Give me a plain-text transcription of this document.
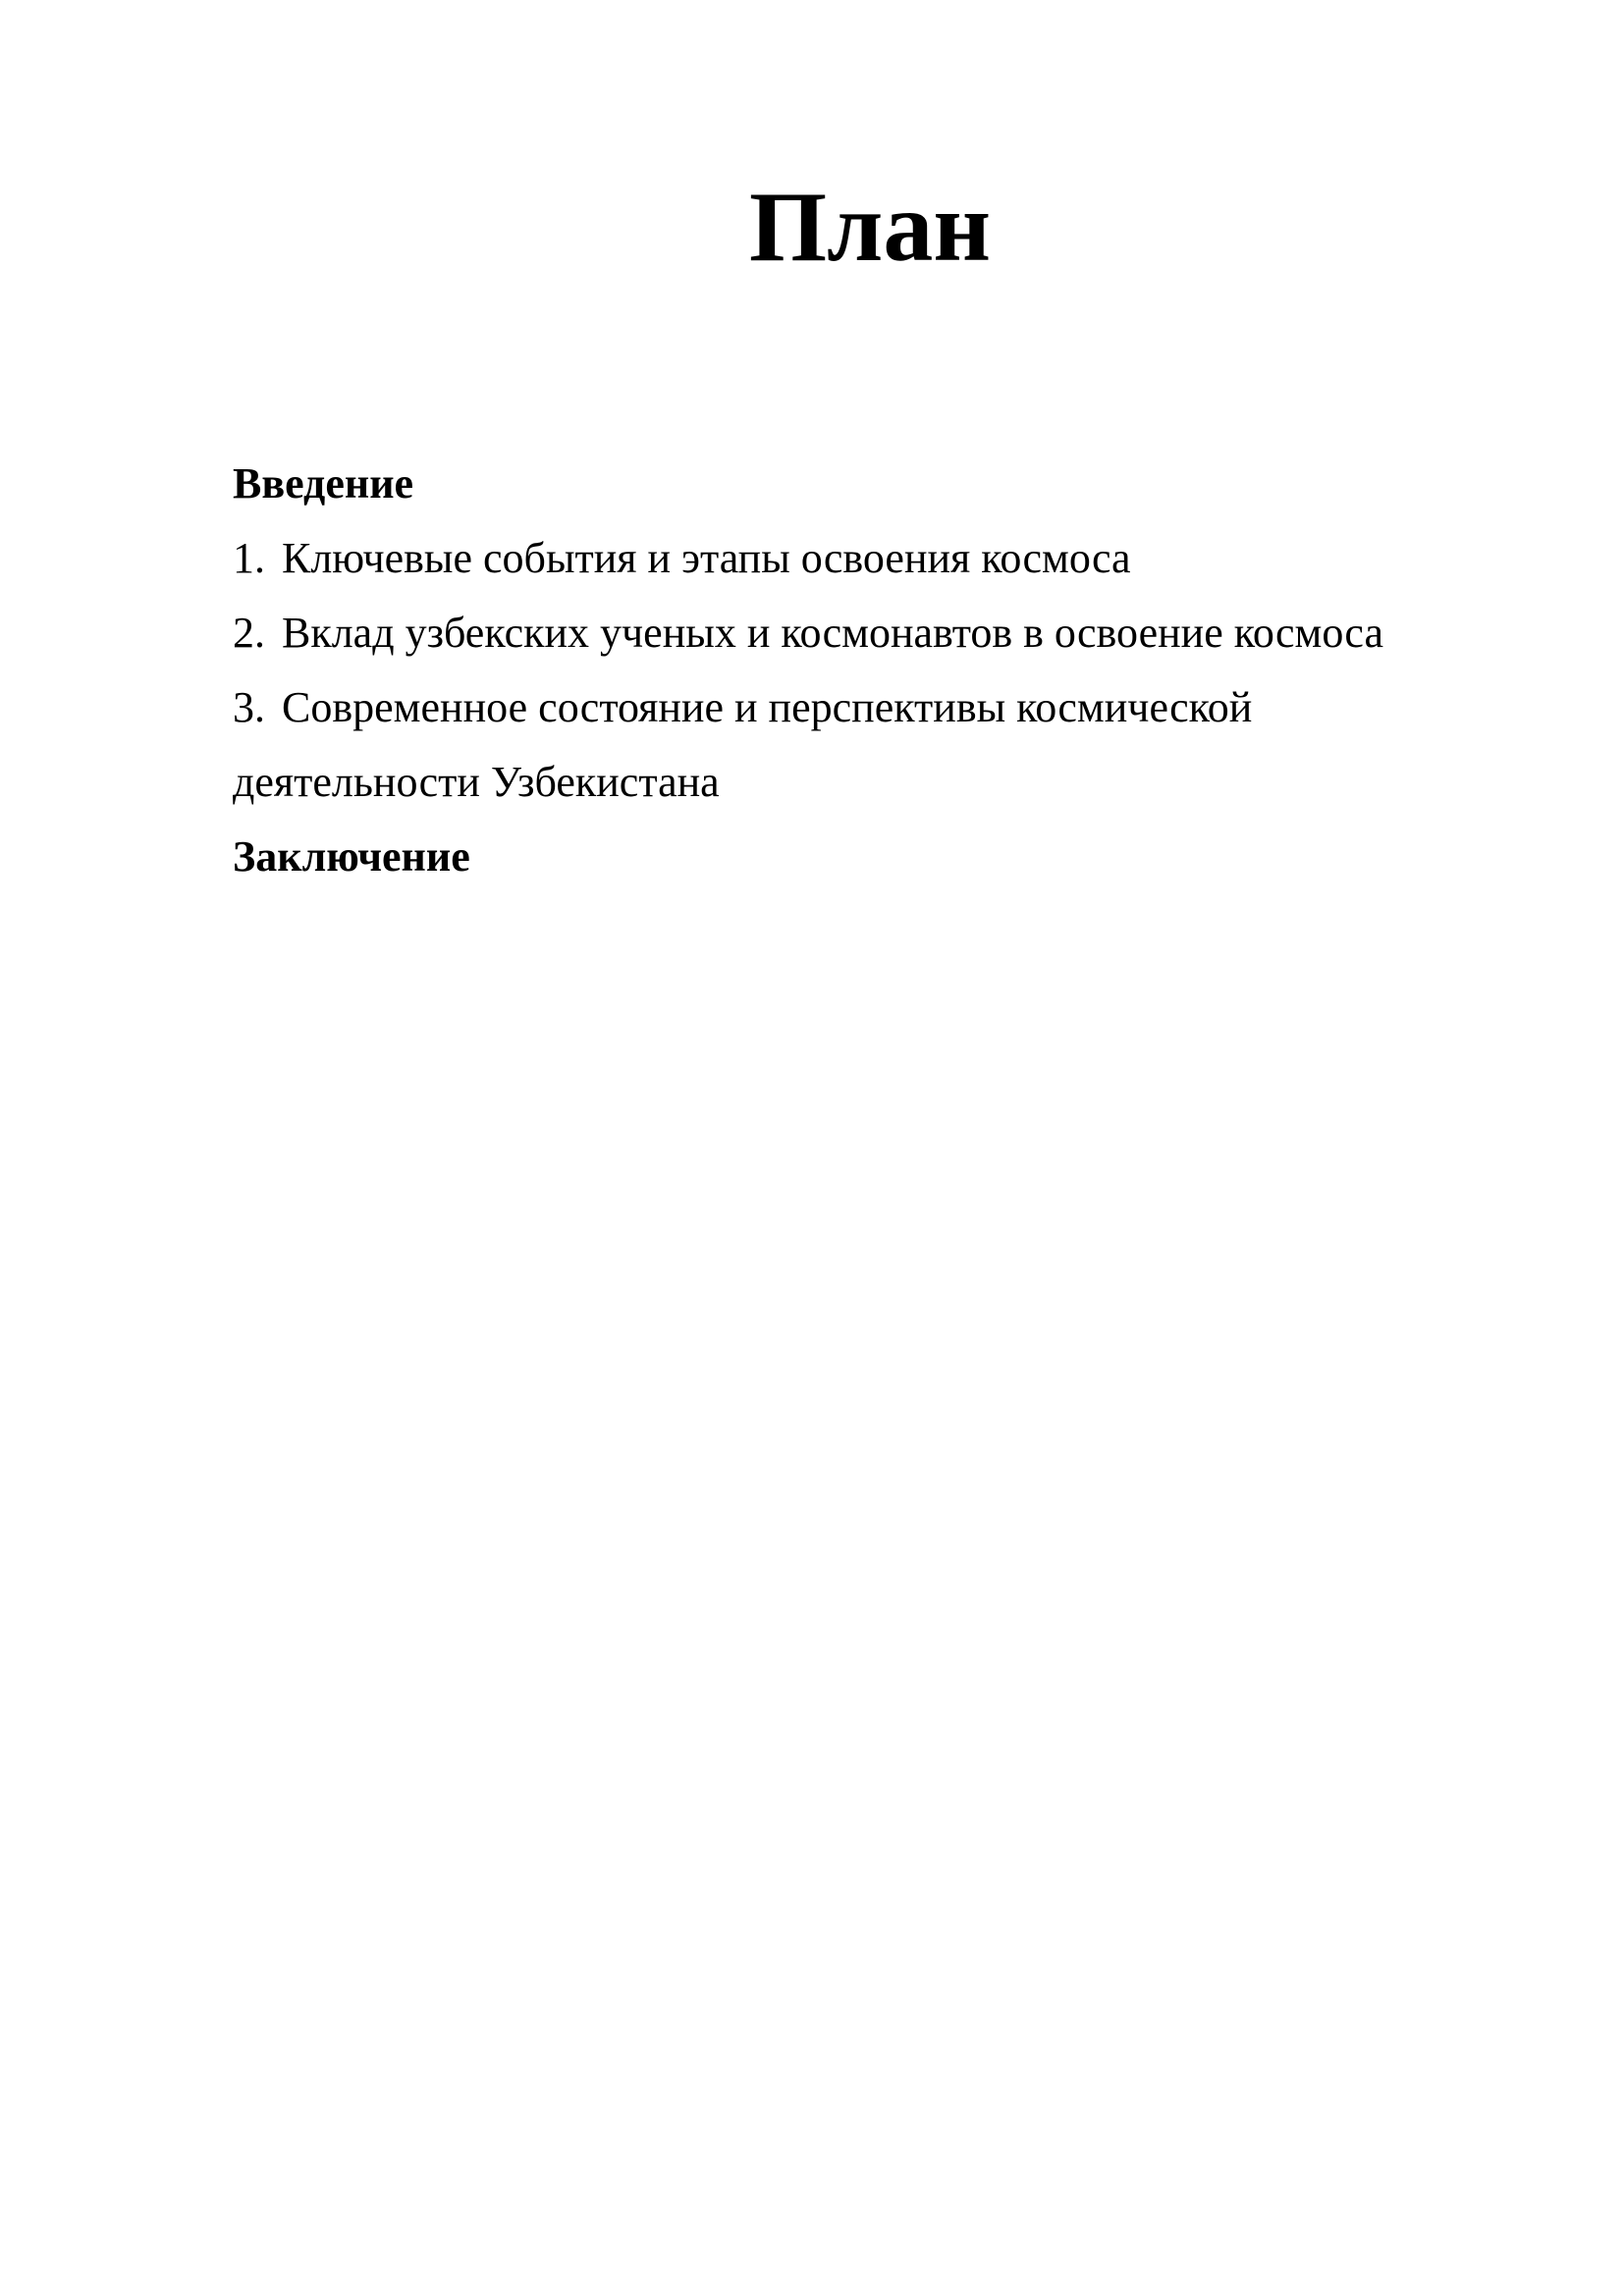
План
Введение
1. Ключевые события и этапы освоения космоса
2. Вклад узбекских ученых и космонавтов в освоение космоса
3. Современное состояние и перспективы космической
деятельности Узбекистана
Заключение
